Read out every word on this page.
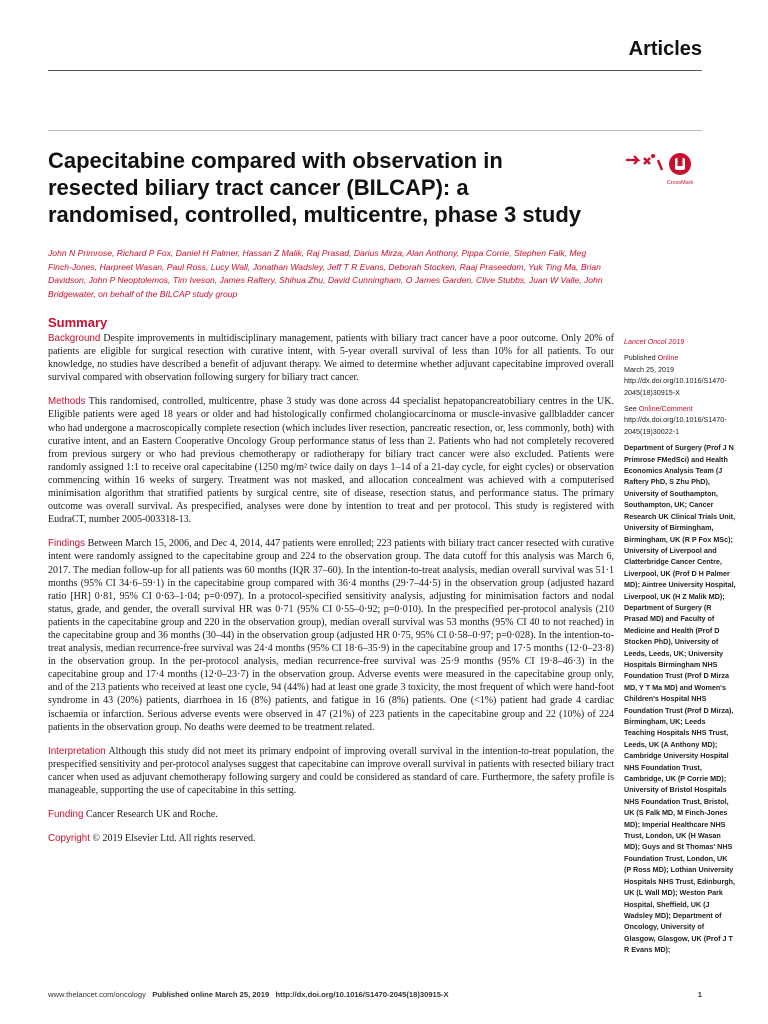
Articles
Capecitabine compared with observation in resected biliary tract cancer (BILCAP): a randomised, controlled, multicentre, phase 3 study
CrossMark
John N Primrose, Richard P Fox, Daniel H Palmer, Hassan Z Malik, Raj Prasad, Darius Mirza, Alan Anthony, Pippa Corrie, Stephen Falk, Meg Finch-Jones, Harpreet Wasan, Paul Ross, Lucy Wall, Jonathan Wadsley, Jeff T R Evans, Deborah Stocken, Raaj Praseedom, Yuk Ting Ma, Brian Davidson, John P Neoptolemos, Tim Iveson, James Raftery, Shihua Zhu, David Cunningham, O James Garden, Clive Stubbs, Juan W Valle, John Bridgewater, on behalf of the BILCAP study group
Summary

Background Despite improvements in multidisciplinary management, patients with biliary tract cancer have a poor outcome. Only 20% of patients are eligible for surgical resection with curative intent, with 5-year overall survival of less than 10% for all patients. To our knowledge, no studies have described a benefit of adjuvant therapy. We aimed to determine whether adjuvant capecitabine improved overall survival compared with observation following surgery for biliary tract cancer.

Methods This randomised, controlled, multicentre, phase 3 study was done across 44 specialist hepatopancreatobiliary centres in the UK. Eligible patients were aged 18 years or older and had histologically confirmed cholangiocarcinoma or muscle-invasive gallbladder cancer who had undergone a macroscopically complete resection (which includes liver resection, pancreatic resection, or, less commonly, both) with curative intent, and an Eastern Cooperative Oncology Group performance status of less than 2. Patients who had not completely recovered from previous surgery or who had previous chemotherapy or radiotherapy for biliary tract cancer were also excluded. Patients were randomly assigned 1:1 to receive oral capecitabine (1250 mg/m² twice daily on days 1–14 of a 21-day cycle, for eight cycles) or observation commencing within 16 weeks of surgery. Treatment was not masked, and allocation concealment was achieved with a computerised minimisation algorithm that stratified patients by surgical centre, site of disease, resection status, and performance status. The primary outcome was overall survival. As prespecified, analyses were done by intention to treat and per protocol. This study is registered with EudraCT, number 2005-003318-13.

Findings Between March 15, 2006, and Dec 4, 2014, 447 patients were enrolled; 223 patients with biliary tract cancer resected with curative intent were randomly assigned to the capecitabine group and 224 to the observation group. The data cutoff for this analysis was March 6, 2017. The median follow-up for all patients was 60 months (IQR 37–60). In the intention-to-treat analysis, median overall survival was 51·1 months (95% CI 34·6–59·1) in the capecitabine group compared with 36·4 months (29·7–44·5) in the observation group (adjusted hazard ratio [HR] 0·81, 95% CI 0·63–1·04; p=0·097). In a protocol-specified sensitivity analysis, adjusting for minimisation factors and nodal status, grade, and gender, the overall survival HR was 0·71 (95% CI 0·55–0·92; p=0·010). In the prespecified per-protocol analysis (210 patients in the capecitabine group and 220 in the observation group), median overall survival was 53 months (95% CI 40 to not reached) in the capecitabine group and 36 months (30–44) in the observation group (adjusted HR 0·75, 95% CI 0·58–0·97; p=0·028). In the intention-to-treat analysis, median recurrence-free survival was 24·4 months (95% CI 18·6–35·9) in the capecitabine group and 17·5 months (12·0–23·8) in the observation group. In the per-protocol analysis, median recurrence-free survival was 25·9 months (95% CI 19·8–46·3) in the capecitabine group and 17·4 months (12·0–23·7) in the observation group. Adverse events were measured in the capecitabine group only, and of the 213 patients who received at least one cycle, 94 (44%) had at least one grade 3 toxicity, the most frequent of which were hand-foot syndrome in 43 (20%) patients, diarrhoea in 16 (8%) patients, and fatigue in 16 (8%) patients. One (<1%) patient had grade 4 cardiac ischaemia or infarction. Serious adverse events were observed in 47 (21%) of 223 patients in the capecitabine group and 22 (10%) of 224 patients in the observation group. No deaths were deemed to be treatment related.

Interpretation Although this study did not meet its primary endpoint of improving overall survival in the intention-to-treat population, the prespecified sensitivity and per-protocol analyses suggest that capecitabine can improve overall survival in patients with resected biliary tract cancer when used as adjuvant chemotherapy following surgery and could be considered as standard of care. Furthermore, the safety profile is manageable, supporting the use of capecitabine in this setting.

Funding Cancer Research UK and Roche.

Copyright © 2019 Elsevier Ltd. All rights reserved.

Lancet Oncol 2019

Published Online
March 25, 2019
http://dx.doi.org/10.1016/S1470-2045(18)30915-X

See Online/Comment
http://dx.doi.org/10.1016/S1470-2045(19)30022-1

Department of Surgery (Prof J N Primrose FMedSci) and Health Economics Analysis Team (J Raftery PhD, S Zhu PhD), University of Southampton, Southampton, UK; Cancer Research UK Clinical Trials Unit, University of Birmingham, Birmingham, UK (R P Fox MSc); University of Liverpool and Clatterbridge Cancer Centre, Liverpool, UK (Prof D H Palmer MD); Aintree University Hospital, Liverpool, UK (H Z Malik MD); Department of Surgery (R Prasad MD) and Faculty of Medicine and Health (Prof D Stocken PhD), University of Leeds, Leeds, UK; University Hospitals Birmingham NHS Foundation Trust (Prof D Mirza MD, Y T Ma MD) and Women's Children's Hospital NHS Foundation Trust (Prof D Mirza), Birmingham, UK; Leeds Teaching Hospitals NHS Trust, Leeds, UK (A Anthony MD); Cambridge University Hospital NHS Foundation Trust, Cambridge, UK (P Corrie MD); University of Bristol Hospitals NHS Foundation Trust, Bristol, UK (S Falk MD, M Finch-Jones MD); Imperial Healthcare NHS Trust, London, UK (H Wasan MD); Guys and St Thomas' NHS Foundation Trust, London, UK (P Ross MD); Lothian University Hospitals NHS Trust, Edinburgh, UK (L Wall MD); Weston Park Hospital, Sheffield, UK (J Wadsley MD); Department of Oncology, University of Glasgow, Glasgow, UK (Prof J T R Evans MD);

www.thelancet.com/oncology Published online March 25, 2019 http://dx.doi.org/10.1016/S1470-2045(18)30915-X	1
